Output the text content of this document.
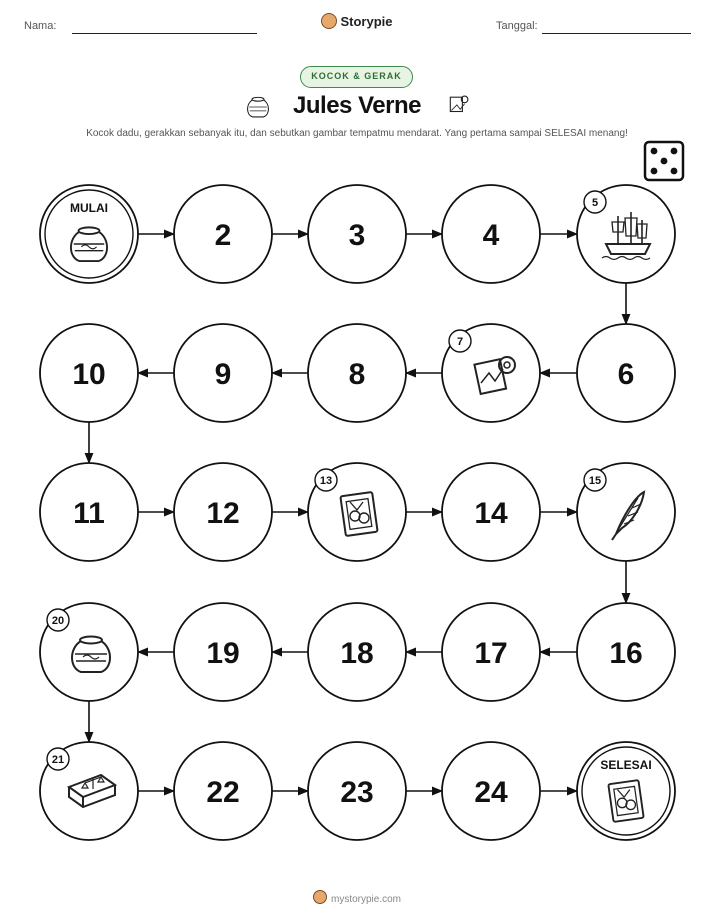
Nama:	Storypie	Tanggal:
KOCOK & GERAK
Jules Verne
Kocok dadu, gerakkan sebanyak itu, dan sebutkan gambar tempatmu mendarat. Yang pertama sampai SELESAI menang!
MULAI
2	3	4
5
6
7
8
9
10
11	12
13
14
15
16
17
18
19
20
21
22	23	24
SELESAI
mystorypie.com
